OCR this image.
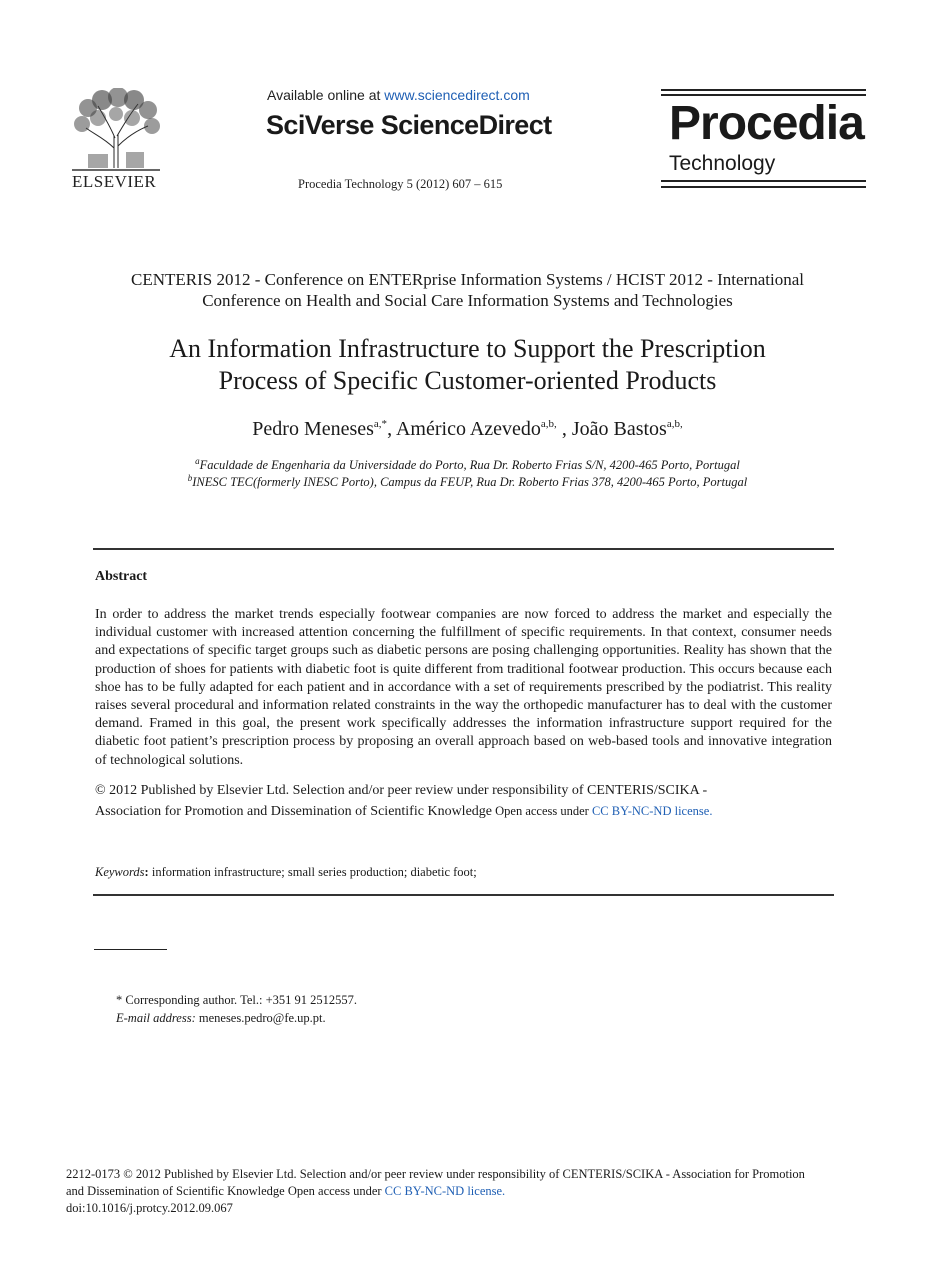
ELSEVIER
Available online at www.sciencedirect.com
SciVerse ScienceDirect
Procedia Technology 5 (2012) 607 – 615
Procedia
Technology
CENTERIS 2012 - Conference on ENTERprise Information Systems / HCIST 2012 - International
Conference on Health and Social Care Information Systems and Technologies
An Information Infrastructure to Support the Prescription
Process of Specific Customer-oriented Products
Pedro Meneses$^{a,*}$, Américo Azevedo$^{a,b,}$ , João Bastos$^{a,b,}$
$^a$Faculdade de Engenharia da Universidade do Porto, Rua Dr. Roberto Frias S/N, 4200-465 Porto, Portugal
$^b$INESC TEC(formerly INESC Porto), Campus da FEUP, Rua Dr. Roberto Frias 378, 4200-465 Porto, Portugal
Abstract
In order to address the market trends especially footwear companies are now forced to address the market and especially the individual customer with increased attention concerning the fulfillment of specific requirements. In that context, consumer needs and expectations of specific target groups such as diabetic persons are posing challenging opportunities. Reality has shown that the production of shoes for patients with diabetic foot is quite different from traditional footwear production. This occurs because each shoe has to be fully adapted for each patient and in accordance with a set of requirements prescribed by the podiatrist. This reality raises several procedural and information related constraints in the way the orthopedic manufacturer has to deal with the customer demand. Framed in this goal, the present work specifically addresses the information infrastructure support required for the diabetic foot patient’s prescription process by proposing an overall approach based on web-based tools and innovative integration of technological solutions.
© 2012 Published by Elsevier Ltd. Selection and/or peer review under responsibility of CENTERIS/SCIKA -
Association for Promotion and Dissemination of Scientific Knowledge Open access under CC BY-NC-ND license.
Keywords: information infrastructure; small series production; diabetic foot;
* Corresponding author. Tel.: +351 91 2512557.
E-mail address: meneses.pedro@fe.up.pt.
2212-0173 © 2012 Published by Elsevier Ltd. Selection and/or peer review under responsibility of CENTERIS/SCIKA - Association for Promotion
and Dissemination of Scientific Knowledge Open access under CC BY-NC-ND license.
doi:10.1016/j.protcy.2012.09.067
